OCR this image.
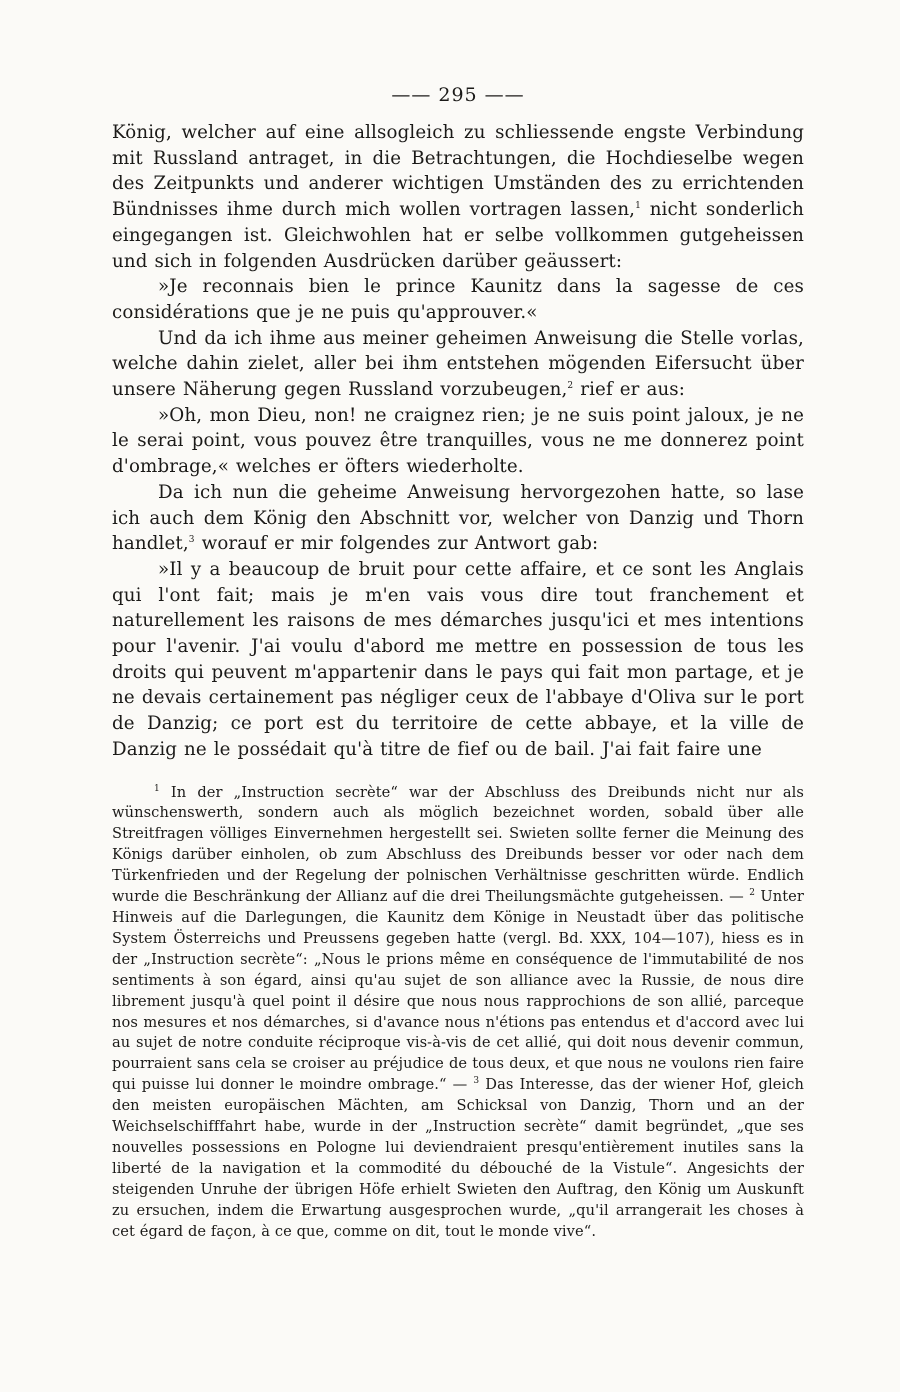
—— 295 ——

König, welcher auf eine allsogleich zu schliessende engste Verbindung mit Russland antraget, in die Betrachtungen, die Hochdieselbe wegen des Zeitpunkts und anderer wichtigen Umständen des zu errichtenden Bündnisses ihme durch mich wollen vortragen lassen,$^1$ nicht sonderlich eingegangen ist. Gleichwohlen hat er selbe vollkommen gutgeheissen und sich in folgenden Ausdrücken darüber geäussert:

»Je reconnais bien le prince Kaunitz dans la sagesse de ces considérations que je ne puis qu'approuver.«

Und da ich ihme aus meiner geheimen Anweisung die Stelle vorlas, welche dahin zielet, aller bei ihm entstehen mögenden Eifersucht über unsere Näherung gegen Russland vorzubeugen,$^2$ rief er aus:

»Oh, mon Dieu, non! ne craignez rien; je ne suis point jaloux, je ne le serai point, vous pouvez être tranquilles, vous ne me donnerez point d'ombrage,« welches er öfters wiederholte.

Da ich nun die geheime Anweisung hervorgezohen hatte, so lase ich auch dem König den Abschnitt vor, welcher von Danzig und Thorn handlet,$^3$ worauf er mir folgendes zur Antwort gab:

»Il y a beaucoup de bruit pour cette affaire, et ce sont les Anglais qui l'ont fait; mais je m'en vais vous dire tout franchement et naturellement les raisons de mes démarches jusqu'ici et mes intentions pour l'avenir. J'ai voulu d'abord me mettre en possession de tous les droits qui peuvent m'appartenir dans le pays qui fait mon partage, et je ne devais certainement pas négliger ceux de l'abbaye d'Oliva sur le port de Danzig; ce port est du territoire de cette abbaye, et la ville de Danzig ne le possédait qu'à titre de fief ou de bail. J'ai fait faire une

$^1$ In der „Instruction secrète“ war der Abschluss des Dreibunds nicht nur als wünschenswerth, sondern auch als möglich bezeichnet worden, sobald über alle Streitfragen völliges Einvernehmen hergestellt sei. Swieten sollte ferner die Meinung des Königs darüber einholen, ob zum Abschluss des Dreibunds besser vor oder nach dem Türkenfrieden und der Regelung der polnischen Verhältnisse geschritten würde. Endlich wurde die Beschränkung der Allianz auf die drei Theilungsmächte gutgeheissen. — $^2$ Unter Hinweis auf die Darlegungen, die Kaunitz dem Könige in Neustadt über das politische System Österreichs und Preussens gegeben hatte (vergl. Bd. XXX, 104—107), hiess es in der „Instruction secrète“: „Nous le prions même en conséquence de l'immutabilité de nos sentiments à son égard, ainsi qu'au sujet de son alliance avec la Russie, de nous dire librement jusqu'à quel point il désire que nous nous rapprochions de son allié, parceque nos mesures et nos démarches, si d'avance nous n'étions pas entendus et d'accord avec lui au sujet de notre conduite réciproque vis-à-vis de cet allié, qui doit nous devenir commun, pourraient sans cela se croiser au préjudice de tous deux, et que nous ne voulons rien faire qui puisse lui donner le moindre ombrage.“ — $^3$ Das Interesse, das der wiener Hof, gleich den meisten europäischen Mächten, am Schicksal von Danzig, Thorn und an der Weichselschifffahrt habe, wurde in der „Instruction secrète“ damit begründet, „que ses nouvelles possessions en Pologne lui deviendraient presqu'entièrement inutiles sans la liberté de la navigation et la commodité du débouché de la Vistule“. Angesichts der steigenden Unruhe der übrigen Höfe erhielt Swieten den Auftrag, den König um Auskunft zu ersuchen, indem die Erwartung ausgesprochen wurde, „qu'il arrangerait les choses à cet égard de façon, à ce que, comme on dit, tout le monde vive“.
